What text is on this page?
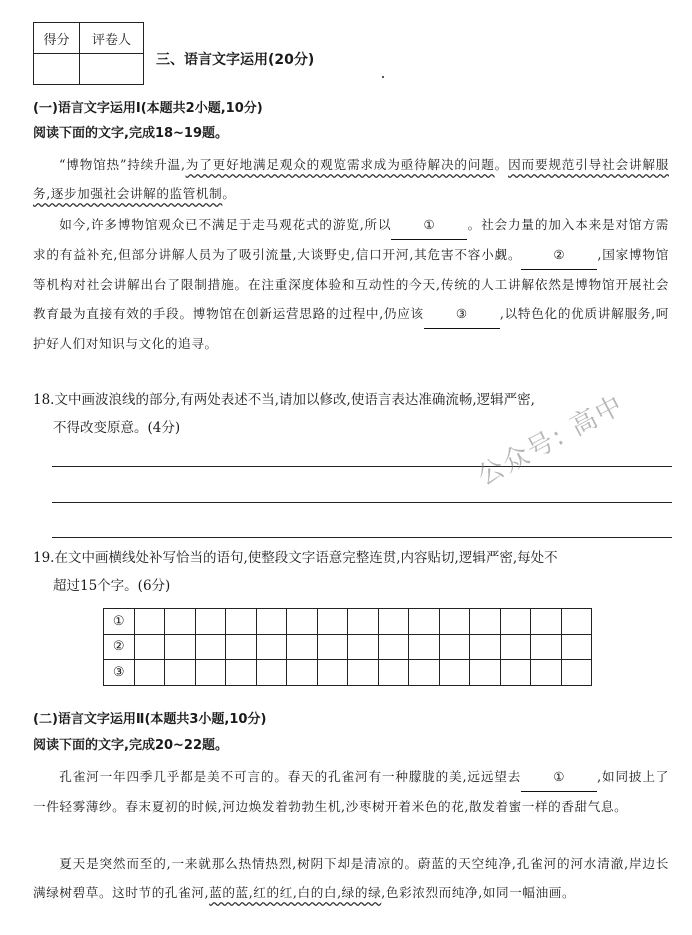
得分	评卷人

三、语言文字运用(20分)
(一)语言文字运用Ⅰ(本题共2小题,10分)
阅读下面的文字,完成18~19题。
“博物馆热”持续升温,为了更好地满足观众的观览需求成为亟待解决的问题。因而要规范引导社会讲解服务,逐步加强社会讲解的监管机制。
如今,许多博物馆观众已不满足于走马观花式的游览,所以	①	。社会力量的加入本来是对馆方需求的有益补充,但部分讲解人员为了吸引流量,大谈野史,信口开河,其危害不容小觑。	②	,国家博物馆等机构对社会讲解出台了限制措施。在注重深度体验和互动性的今天,传统的人工讲解依然是博物馆开展社会教育最为直接有效的手段。博物馆在创新运营思路的过程中,仍应该	③	,以特色化的优质讲解服务,呵护好人们对知识与文化的追寻。
18.文中画波浪线的部分,有两处表述不当,请加以修改,使语言表达准确流畅,逻辑严密,
不得改变原意。(4分)
19.在文中画横线处补写恰当的语句,使整段文字语意完整连贯,内容贴切,逻辑严密,每处不
超过15个字。(6分)
①															
②															
③															
(二)语言文字运用Ⅱ(本题共3小题,10分)
阅读下面的文字,完成20~22题。
孔雀河一年四季几乎都是美不可言的。春天的孔雀河有一种朦胧的美,远远望去	①	,如同披上了一件轻雾薄纱。春末夏初的时候,河边焕发着勃勃生机,沙枣树开着米色的花,散发着蜜一样的香甜气息。
夏天是突然而至的,一来就那么热情热烈,树阴下却是清凉的。蔚蓝的天空纯净,孔雀河的河水清澈,岸边长满绿树碧草。这时节的孔雀河,蓝的蓝,红的红,白的白,绿的绿,色彩浓烈而纯净,如同一幅油画。
公众号: 高中
